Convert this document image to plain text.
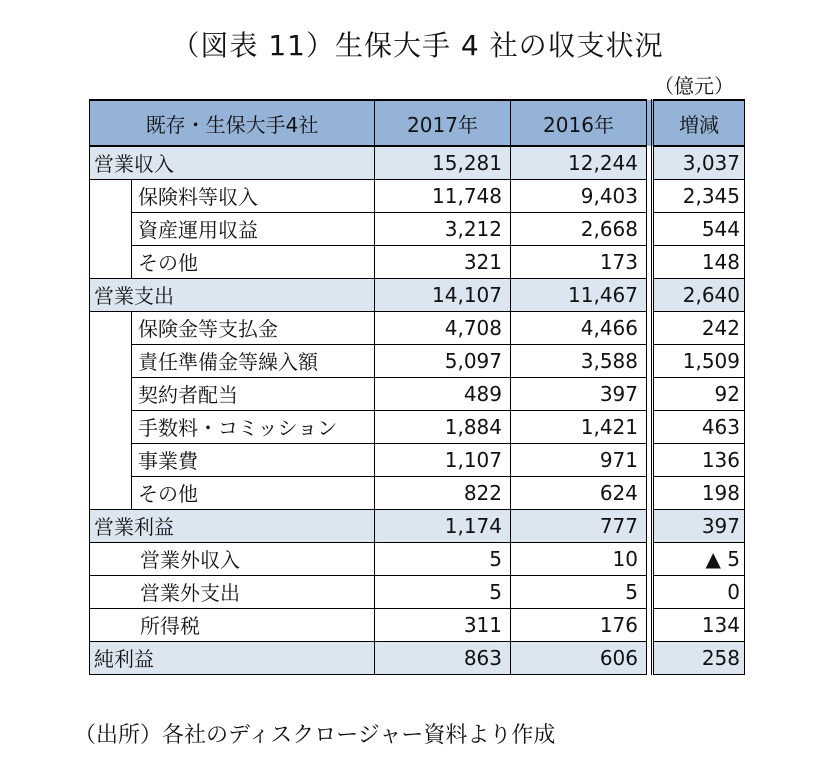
（図表 11）生保大手 4 社の収支状況
（億元）
既存・生保大手4社		2017年	2016年		増減
営業収入		15,281	12,244		3,037
	保険料等収入	11,748	9,403		2,345
	資産運用収益	3,212	2,668		544
	その他	321	173		148
営業支出		14,107	11,467		2,640
	保険金等支払金	4,708	4,466		242
	責任準備金等繰入額	5,097	3,588		1,509
	契約者配当	489	397		92
	手数料・コミッション	1,884	1,421		463
	事業費	1,107	971		136
	その他	822	624		198
営業利益		1,174	777		397
営業外収入		5	10		▲ 5
営業外支出		5	5		0
所得税		311	176		134
純利益		863	606		258
（出所）各社のディスクロージャー資料より作成
